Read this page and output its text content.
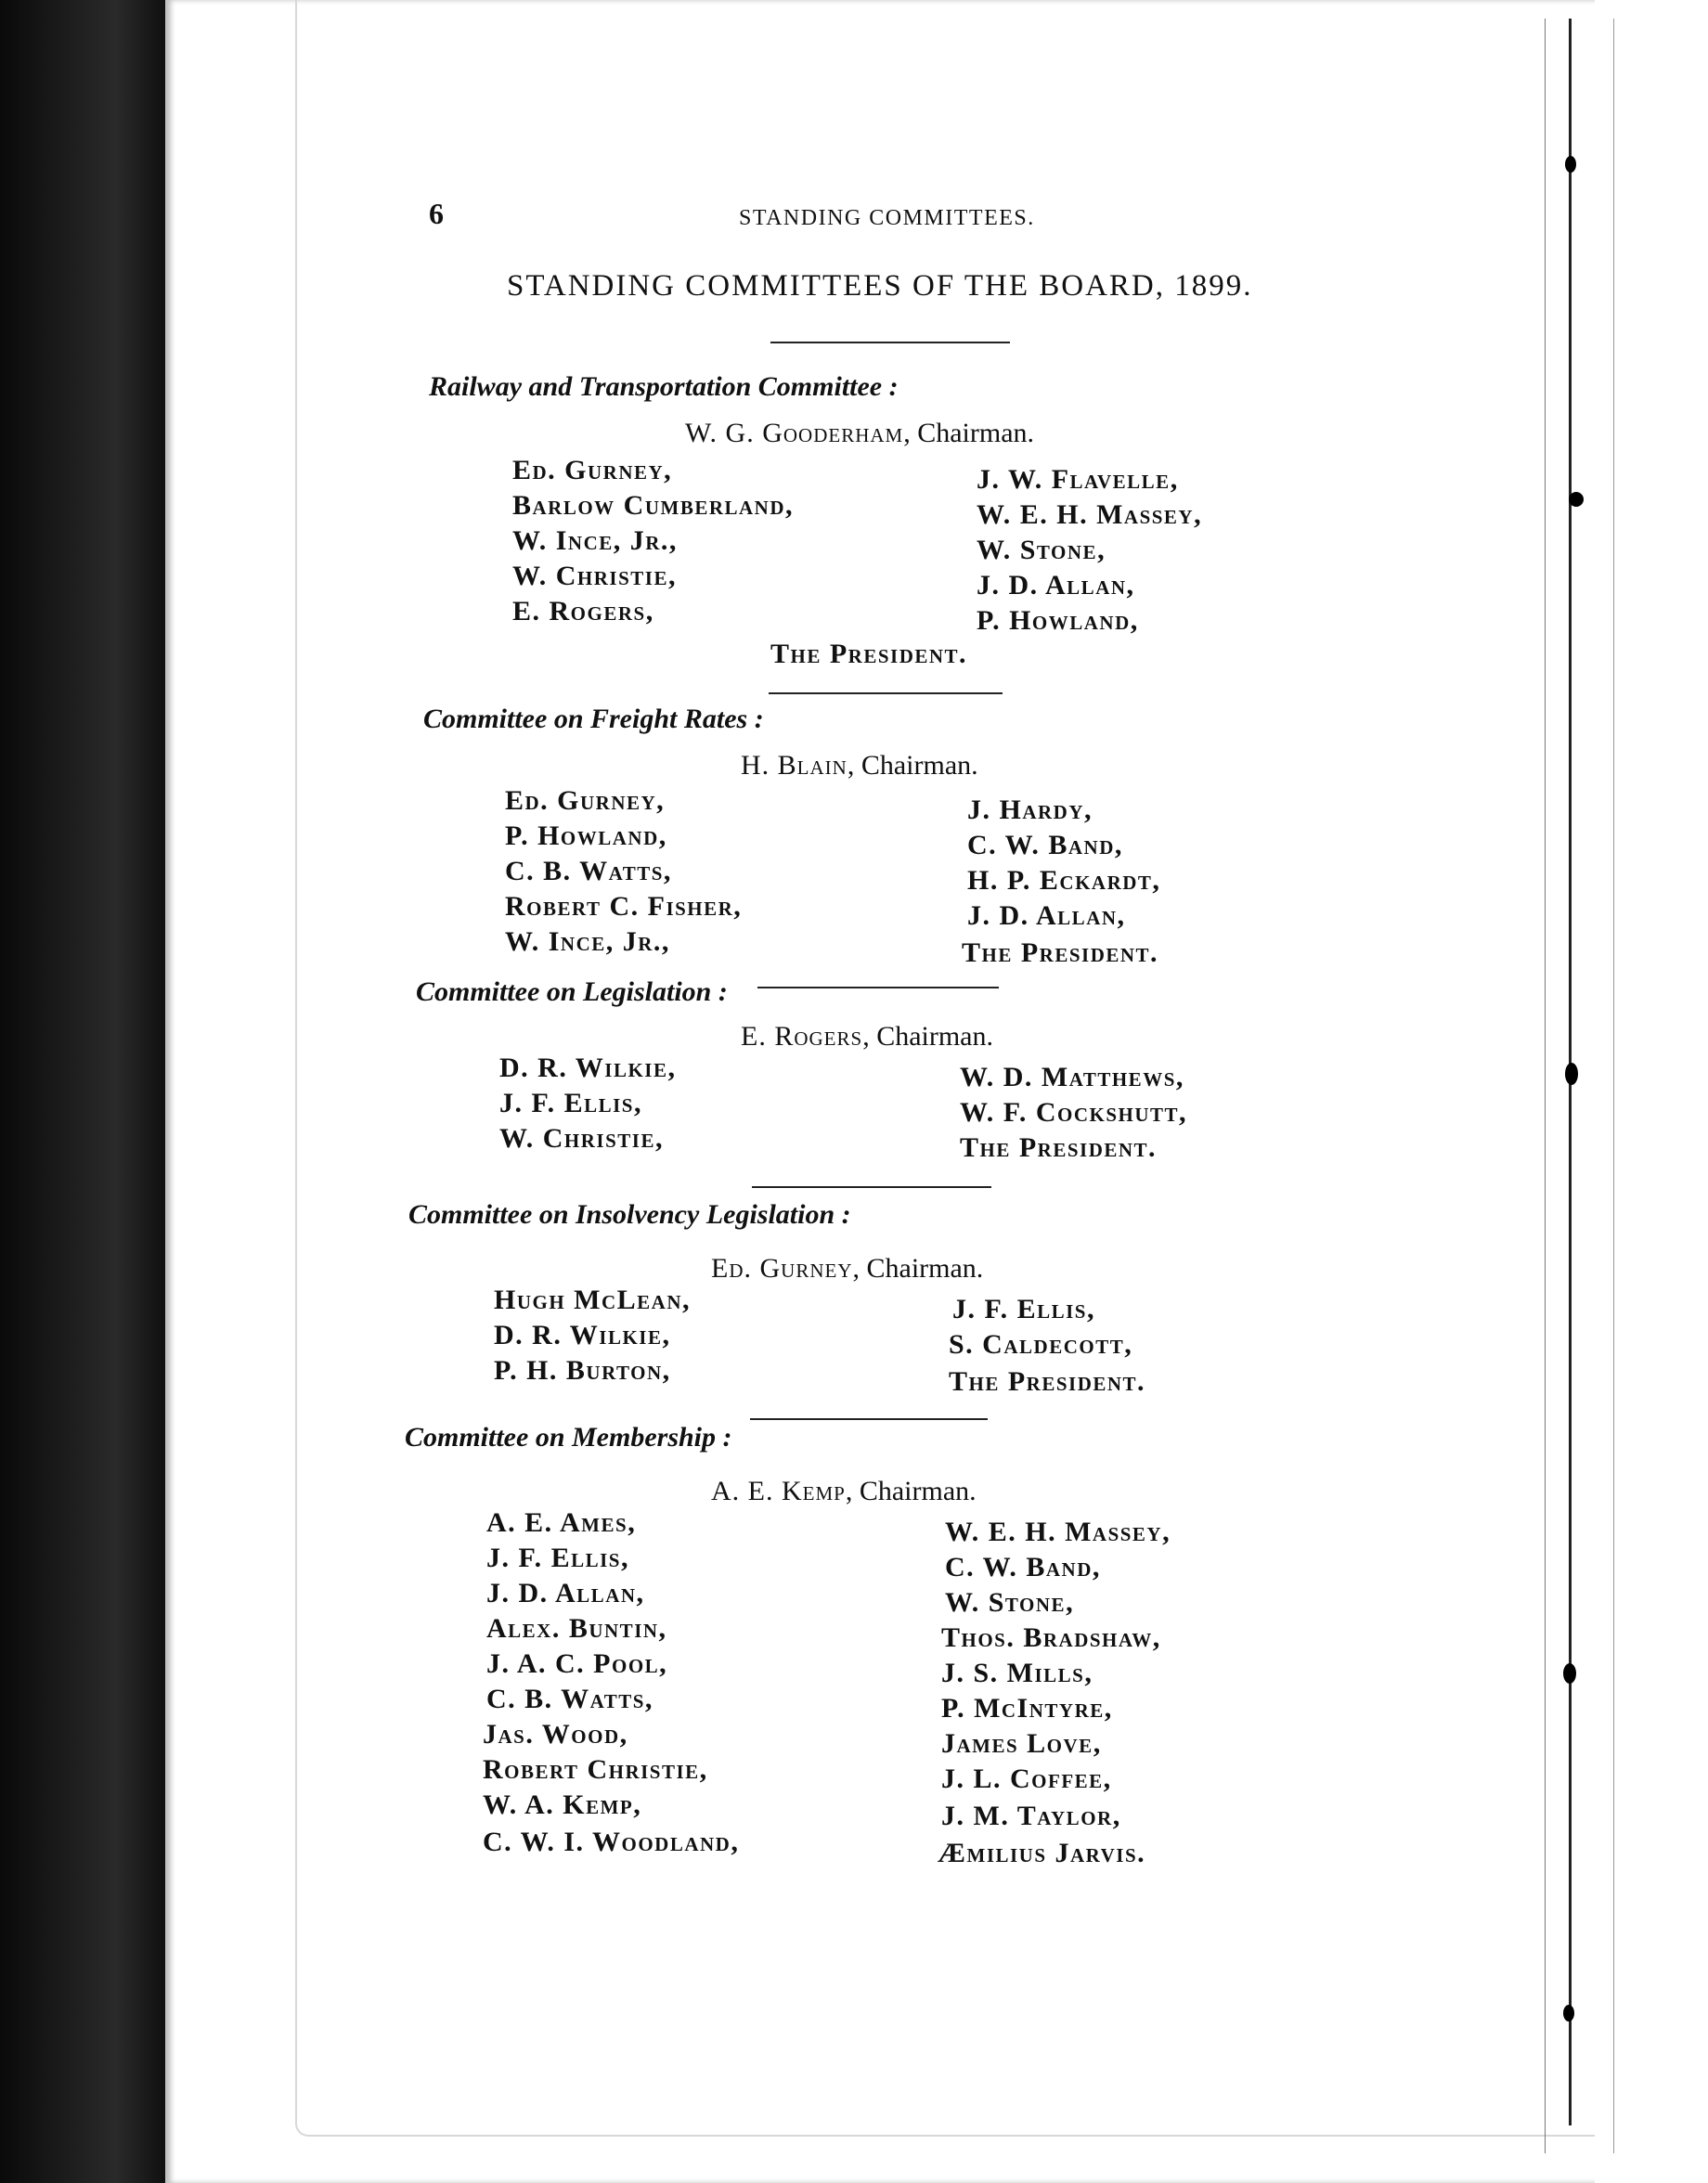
6	STANDING COMMITTEES.
STANDING COMMITTEES OF THE BOARD, 1899.
Railway and Transportation Committee :
W. G. Gooderham, Chairman.
Ed. Gurney,
Barlow Cumberland,
W. Ince, Jr.,
W. Christie,
E. Rogers,
J. W. Flavelle,
W. E. H. Massey,
W. Stone,
J. D. Allan,
P. Howland,
The President.
Committee on Freight Rates :
H. Blain, Chairman.
Ed. Gurney,
P. Howland,
C. B. Watts,
Robert C. Fisher,
W. Ince, Jr.,
J. Hardy,
C. W. Band,
H. P. Eckardt,
J. D. Allan,
The President.
Committee on Legislation :
E. Rogers, Chairman.
D. R. Wilkie,
J. F. Ellis,
W. Christie,
W. D. Matthews,
W. F. Cockshutt,
The President.
Committee on Insolvency Legislation :
Ed. Gurney, Chairman.
Hugh McLean,
D. R. Wilkie,
P. H. Burton,
J. F. Ellis,
S. Caldecott,
The President.
Committee on Membership :
A. E. Kemp, Chairman.
A. E. Ames,
J. F. Ellis,
J. D. Allan,
Alex. Buntin,
J. A. C. Pool,
C. B. Watts,
Jas. Wood,
Robert Christie,
W. A. Kemp,
C. W. I. Woodland,
W. E. H. Massey,
C. W. Band,
W. Stone,
Thos. Bradshaw,
J. S. Mills,
P. McIntyre,
James Love,
J. L. Coffee,
J. M. Taylor,
Æmilius Jarvis.
